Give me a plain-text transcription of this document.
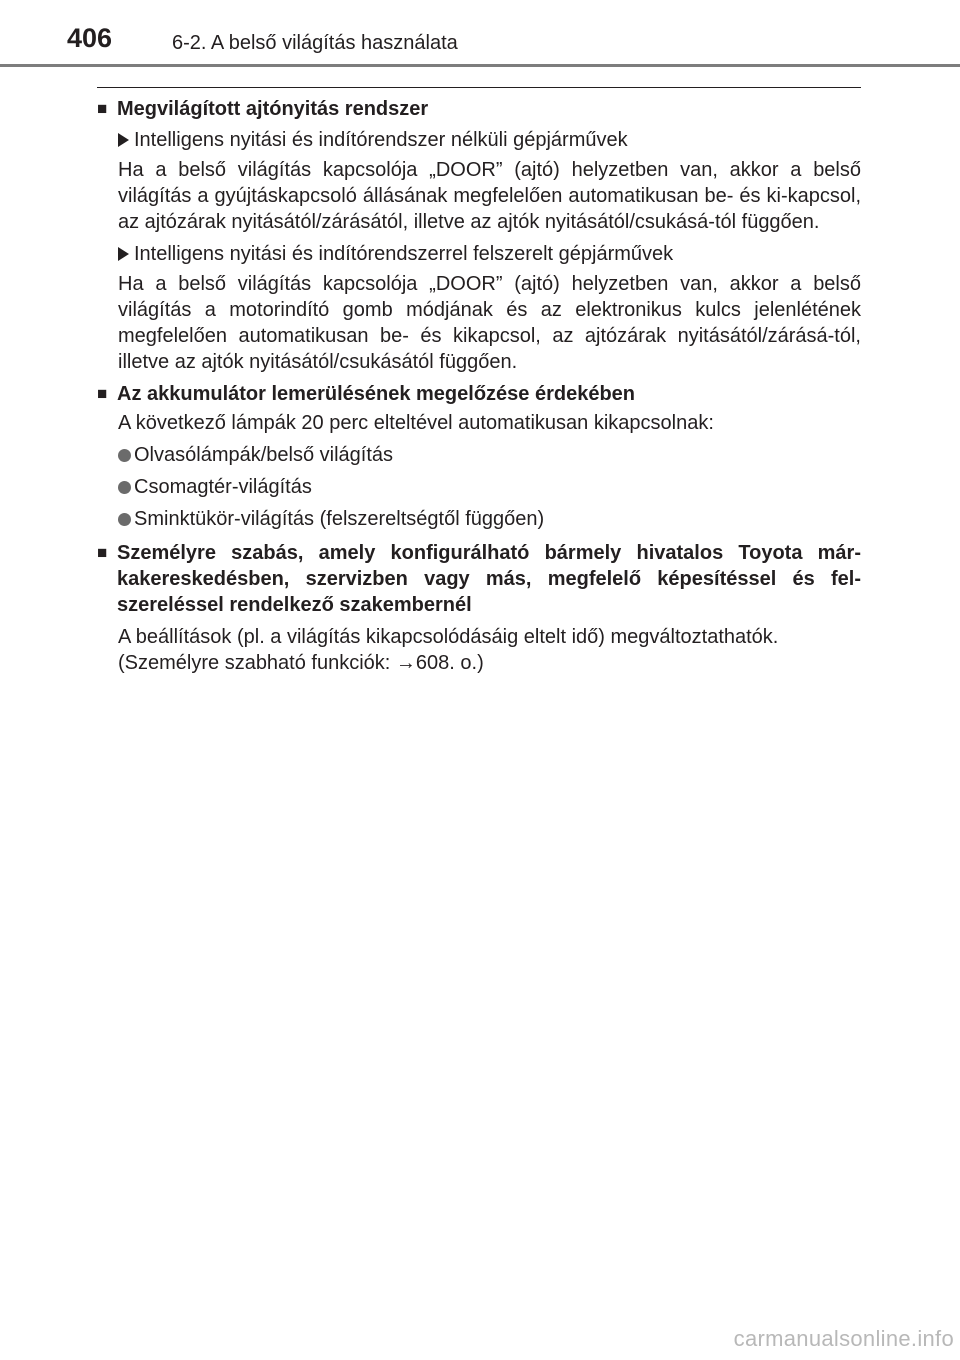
406	6-2. A belső világítás használata
■ Megvilágított ajtónyitás rendszer
Intelligens nyitási és indítórendszer nélküli gépjárművek
Ha a belső világítás kapcsolója „DOOR” (ajtó) helyzetben van, akkor a belső világítás a gyújtáskapcsoló állásának megfelelően automatikusan be- és ki-kapcsol, az ajtózárak nyitásától/zárásától, illetve az ajtók nyitásától/csukásá-tól függően.
Intelligens nyitási és indítórendszerrel felszerelt gépjárművek
Ha a belső világítás kapcsolója „DOOR” (ajtó) helyzetben van, akkor a belső világítás a motorindító gomb módjának és az elektronikus kulcs jelenlétének megfelelően automatikusan be- és kikapcsol, az ajtózárak nyitásától/zárásá-tól, illetve az ajtók nyitásától/csukásától függően.
■ Az akkumulátor lemerülésének megelőzése érdekében
A következő lámpák 20 perc elteltével automatikusan kikapcsolnak:
Olvasólámpák/belső világítás
Csomagtér-világítás
Sminktükör-világítás (felszereltségtől függően)
■ Személyre szabás, amely konfigurálható bármely hivatalos Toyota már-kakereskedésben, szervizben vagy más, megfelelő képesítéssel és fel-szereléssel rendelkező szakembernél
A beállítások (pl. a világítás kikapcsolódásáig eltelt idő) megváltoztathatók.
(Személyre szabható funkciók: →608. o.)
carmanualsonline.info
